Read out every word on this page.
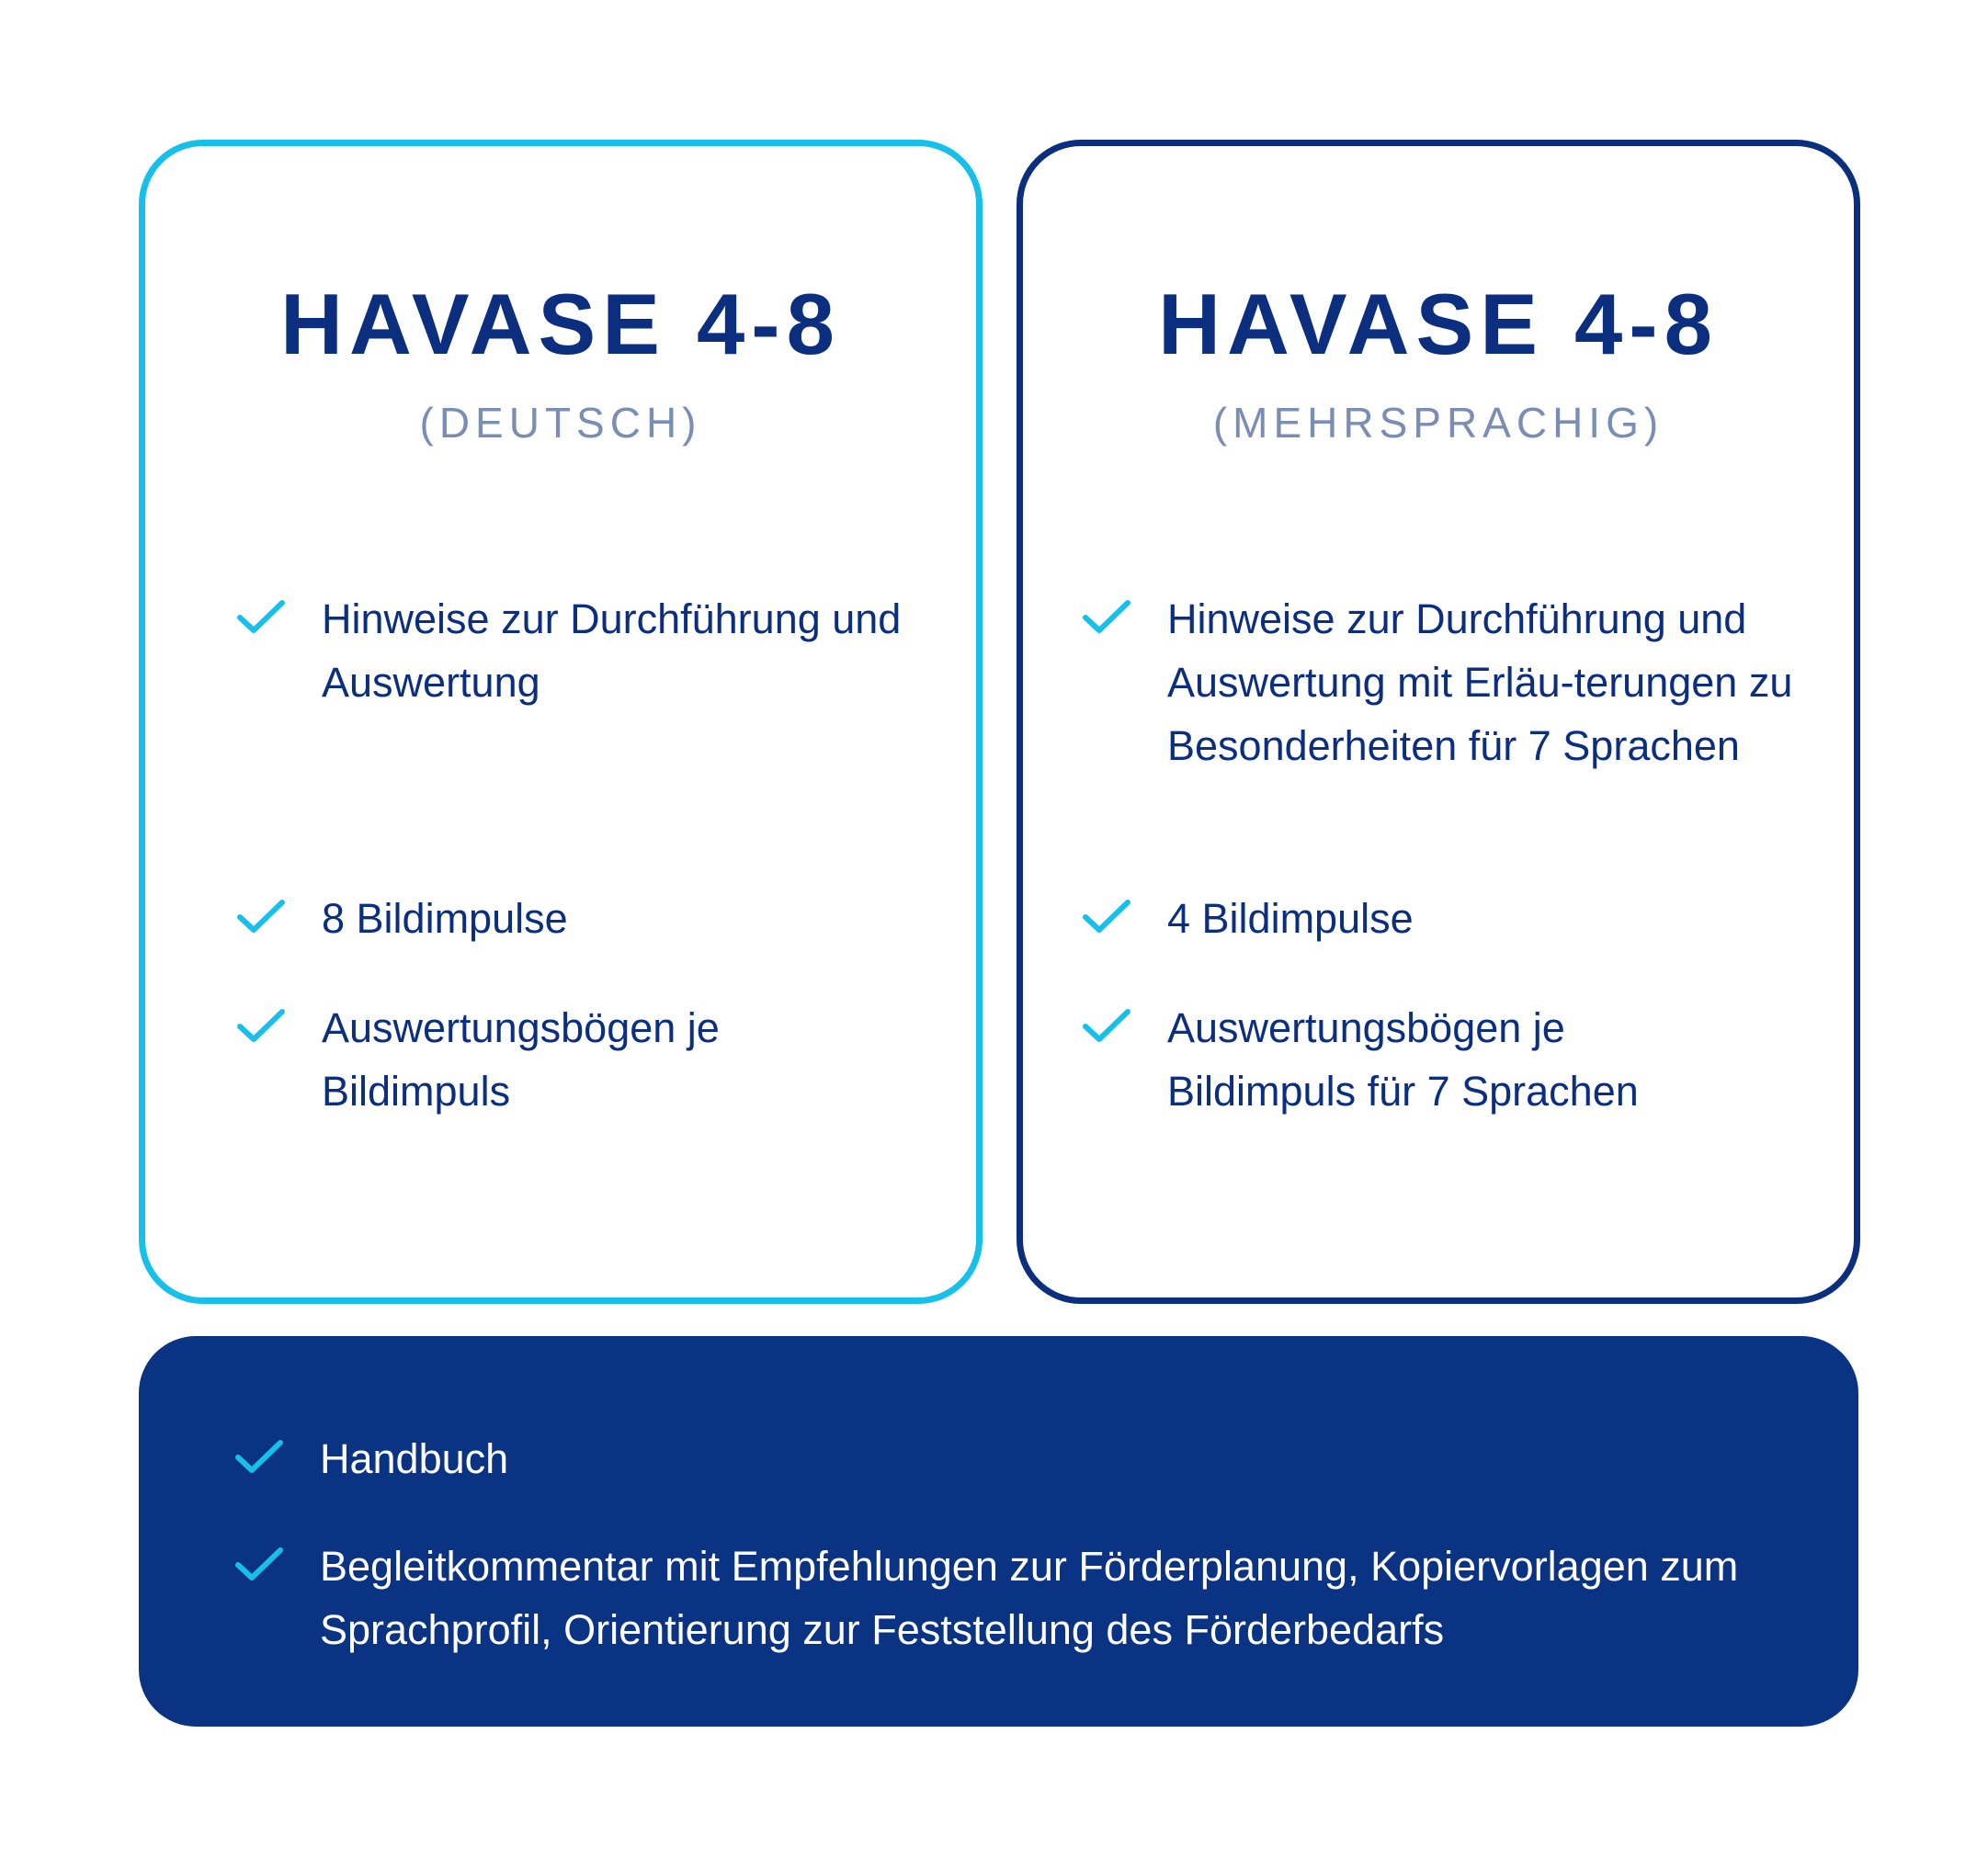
HAVASE 4-8
(DEUTSCH)
Hinweise zur Durchführung und Auswertung
8 Bildimpulse
Auswertungsbögen je Bildimpuls
HAVASE 4-8
(MEHRSPRACHIG)
Hinweise zur Durchführung und Auswertung mit Erläu-terungen zu Besonderheiten für 7 Sprachen
4 Bildimpulse
Auswertungsbögen je Bildimpuls für 7 Sprachen
Handbuch
Begleitkommentar mit Empfehlungen zur Förderplanung, Kopiervorlagen zum Sprachprofil, Orientierung zur Feststellung des Förderbedarfs
